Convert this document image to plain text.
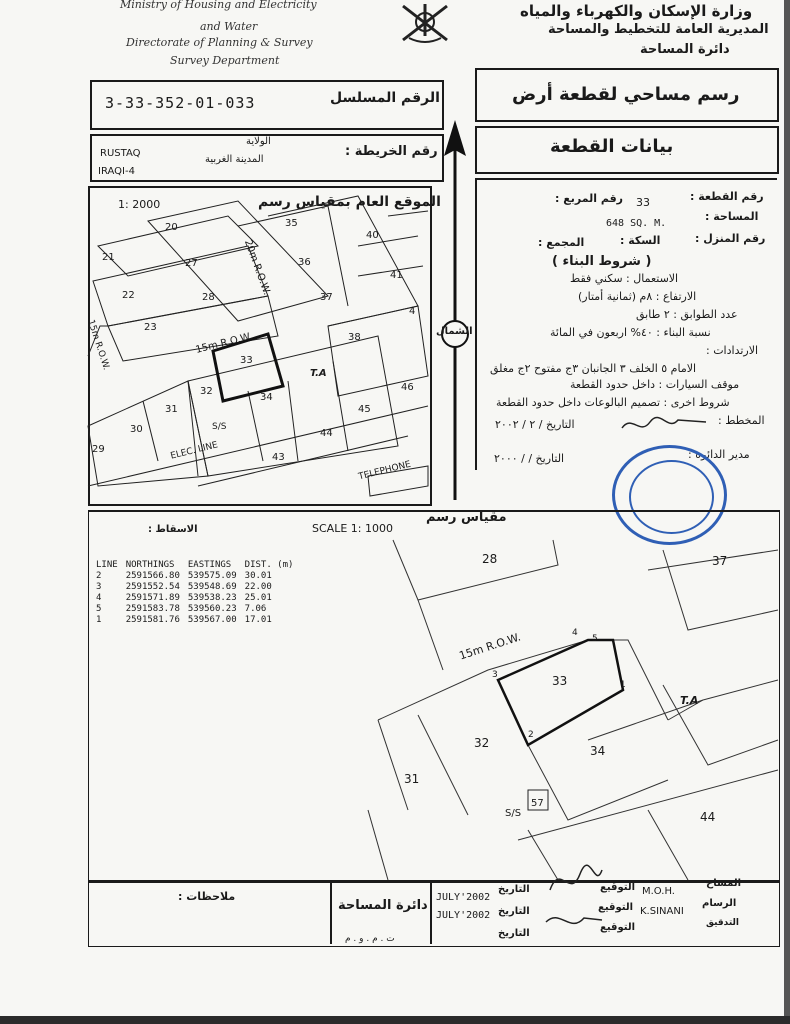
Ministry of Housing and Electricity
and Water
Directorate of Planning & Survey
Survey Department
وزارة الإسكان والكهرباء والمياه
المديرية العامة للتخطيط والمساحة
دائرة المساحة
3-33-352-01-033	الرقم المسلسل	رسم مساحي لقطعة أرض
بيانات القطعة
RUSTAQ
IRAQI-4
الولاية
المدينة الغربية
رقم الخريطة :
1: 2000	الموقع العام بمقياس رسم
20
21
27
22	28
23
35
40
36
41
37
4
38
33
32
34
31
30
29
43
44
45
46
T.A
15m R.O.W.
20m R.O.W.
15m R.O.W.
ELEC. LINE
TELEPHONE
S/S
الشمال
رقم القطعة :
33
رقم المربع :
المساحة :
648 SQ. M.
رقم المنزل :
السكة :
المجمع :
( شروط البناء )
الاستعمال : سكني فقط
الارتفاع : ٨م (ثمانية أمتار)
عدد الطوابق : ٢ طابق
نسبة البناء : ٤٠% اربعون في المائة
الارتدادات :
الامام ٥ الخلف ٣ الجانبان ٣ج مفتوح ٢ج مغلق
موقف السيارات : داخل حدود القطعة
شروط اخرى : تصميم البالوعات داخل حدود القطعة
المخطط :
التاريخ / ٢ / ٢٠٠٢
مدير الدائرة :
التاريخ / / ٢٠٠٠
الاسقاط :	SCALE 1: 1000
مقياس رسم
LINE	NORTHINGS	EASTINGS	DIST. (m)
2	2591566.80	539575.09	30.01
3	2591552.54	539548.69	22.00
4	2591571.89	539538.23	25.01
5	2591583.78	539560.23	7.06
1	2591581.76	539567.00	17.01
28	37
33
32
34
31
44
57
S/S
T.A
15m R.O.W.
1
2
3
4
5
ملاحظات :
دائرة المساحة
ت . م . و . م
JULY'2002
التاريخ
JULY'2002 التاريخ
التاريخ
التوقيع M.O.H.
المساح
التوقيع K.SINANI
الرسام
التوقيع	التدقيق
